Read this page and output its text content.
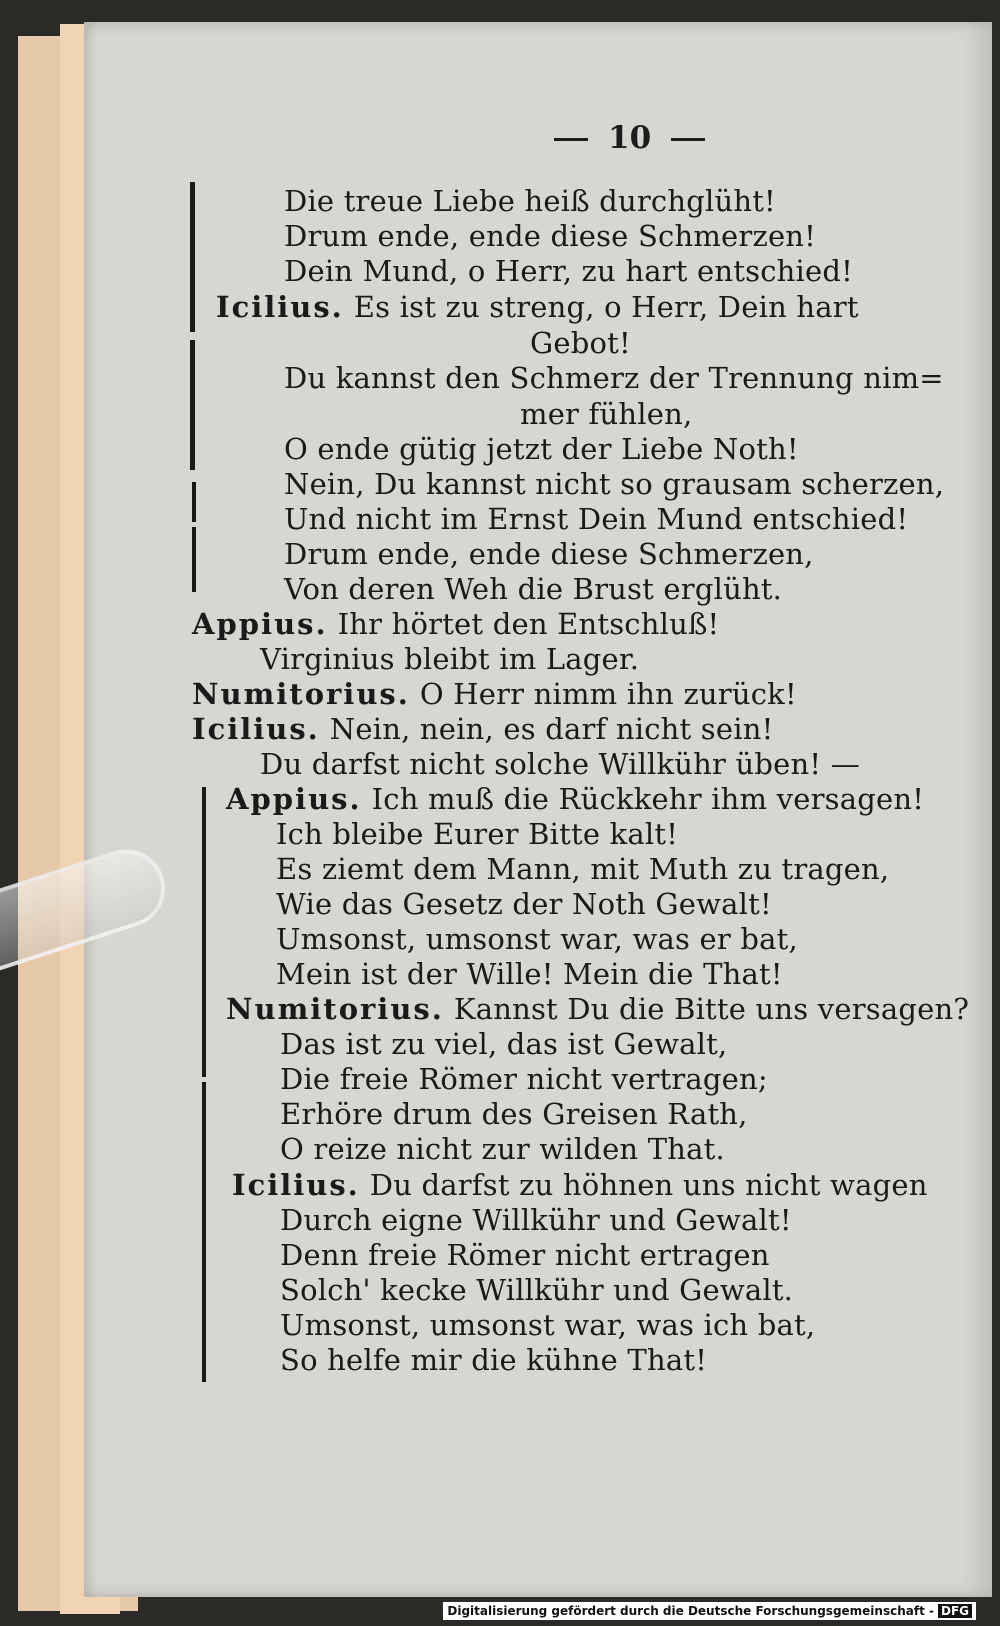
10
Die treue Liebe heiß durchglüht!
Drum ende, ende diese Schmerzen!
Dein Mund, o Herr, zu hart entschied!
Icilius. Es ist zu streng, o Herr, Dein hart
Gebot!
Du kannst den Schmerz der Trennung nim=
mer fühlen,
O ende gütig jetzt der Liebe Noth!
Nein, Du kannst nicht so grausam scherzen,
Und nicht im Ernst Dein Mund entschied!
Drum ende, ende diese Schmerzen,
Von deren Weh die Brust erglüht.
Appius. Ihr hörtet den Entschluß!
Virginius bleibt im Lager.
Numitorius. O Herr nimm ihn zurück!
Icilius. Nein, nein, es darf nicht sein!
Du darfst nicht solche Willkühr üben! —
Appius. Ich muß die Rückkehr ihm versagen!
Ich bleibe Eurer Bitte kalt!
Es ziemt dem Mann, mit Muth zu tragen,
Wie das Gesetz der Noth Gewalt!
Umsonst, umsonst war, was er bat,
Mein ist der Wille! Mein die That!
Numitorius. Kannst Du die Bitte uns versagen?
Das ist zu viel, das ist Gewalt,
Die freie Römer nicht vertragen;
Erhöre drum des Greisen Rath,
O reize nicht zur wilden That.
Icilius. Du darfst zu höhnen uns nicht wagen
Durch eigne Willkühr und Gewalt!
Denn freie Römer nicht ertragen
Solch' kecke Willkühr und Gewalt.
Umsonst, umsonst war, was ich bat,
So helfe mir die kühne That!
Digitalisierung gefördert durch die Deutsche Forschungsgemeinschaft - DFG
